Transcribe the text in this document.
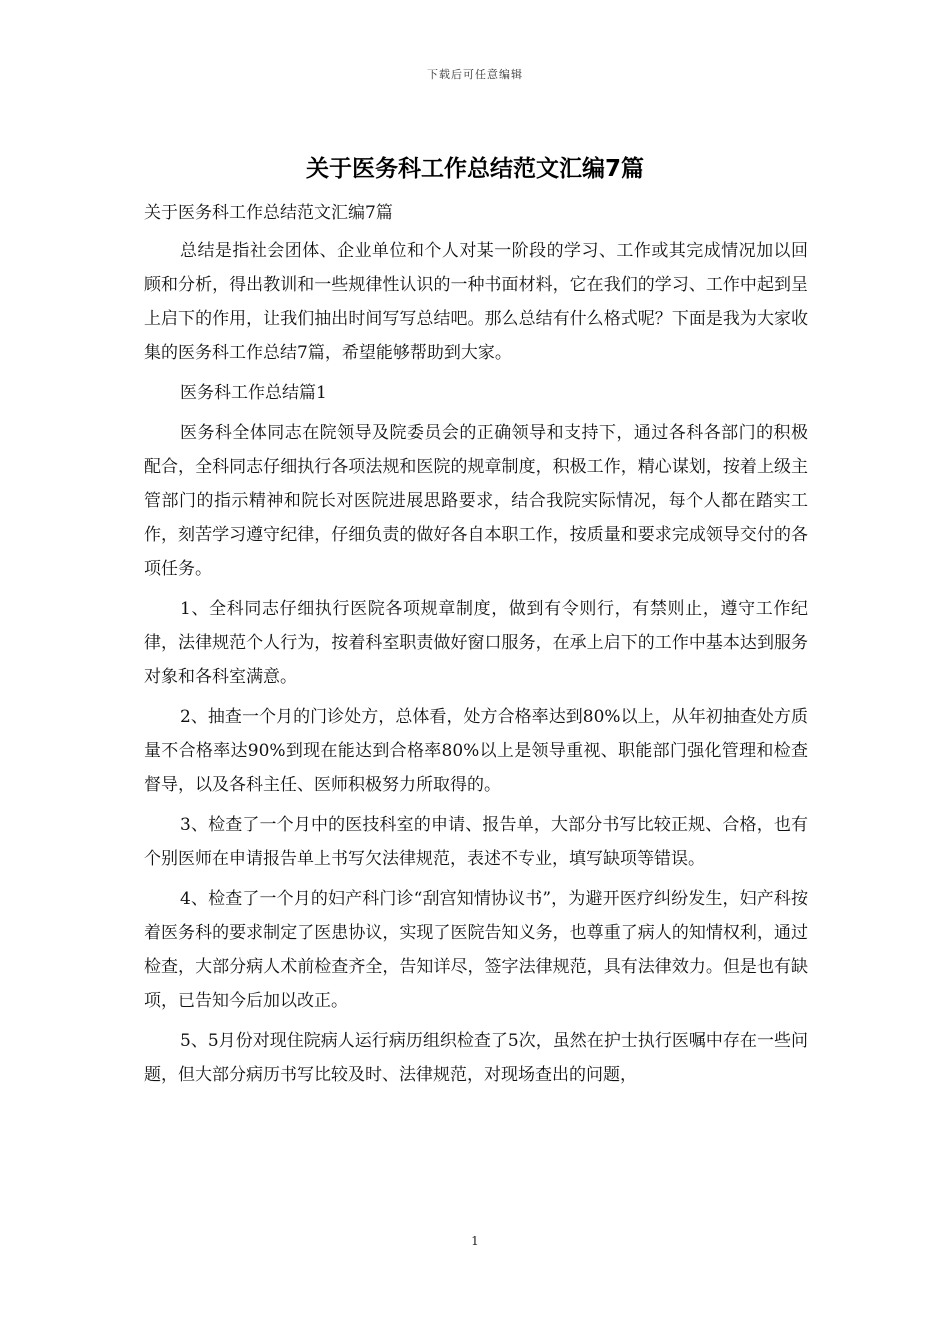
下载后可任意编辑
关于医务科工作总结范文汇编7篇

关于医务科工作总结范文汇编7篇

总结是指社会团体、企业单位和个人对某一阶段的学习、工作或其完成情况加以回顾和分析，得出教训和一些规律性认识的一种书面材料，它在我们的学习、工作中起到呈上启下的作用，让我们抽出时间写写总结吧。那么总结有什么格式呢？下面是我为大家收集的医务科工作总结7篇，希望能够帮助到大家。

医务科工作总结篇1

医务科全体同志在院领导及院委员会的正确领导和支持下，通过各科各部门的积极配合，全科同志仔细执行各项法规和医院的规章制度，积极工作，精心谋划，按着上级主管部门的指示精神和院长对医院进展思路要求，结合我院实际情况，每个人都在踏实工作，刻苦学习遵守纪律，仔细负责的做好各自本职工作，按质量和要求完成领导交付的各项任务。

1、全科同志仔细执行医院各项规章制度，做到有令则行，有禁则止，遵守工作纪律，法律规范个人行为，按着科室职责做好窗口服务，在承上启下的工作中基本达到服务对象和各科室满意。

2、抽查一个月的门诊处方，总体看，处方合格率达到80%以上，从年初抽查处方质量不合格率达90%到现在能达到合格率80%以上是领导重视、职能部门强化管理和检查督导，以及各科主任、医师积极努力所取得的。

3、检查了一个月中的医技科室的申请、报告单，大部分书写比较正规、合格，也有个别医师在申请报告单上书写欠法律规范，表述不专业，填写缺项等错误。

4、检查了一个月的妇产科门诊“刮宫知情协议书”，为避开医疗纠纷发生，妇产科按着医务科的要求制定了医患协议，实现了医院告知义务，也尊重了病人的知情权利，通过检查，大部分病人术前检查齐全，告知详尽，签字法律规范，具有法律效力。但是也有缺项，已告知今后加以改正。

5、5月份对现住院病人运行病历组织检查了5次，虽然在护士执行医嘱中存在一些问题，但大部分病历书写比较及时、法律规范，对现场查出的问题，

1
